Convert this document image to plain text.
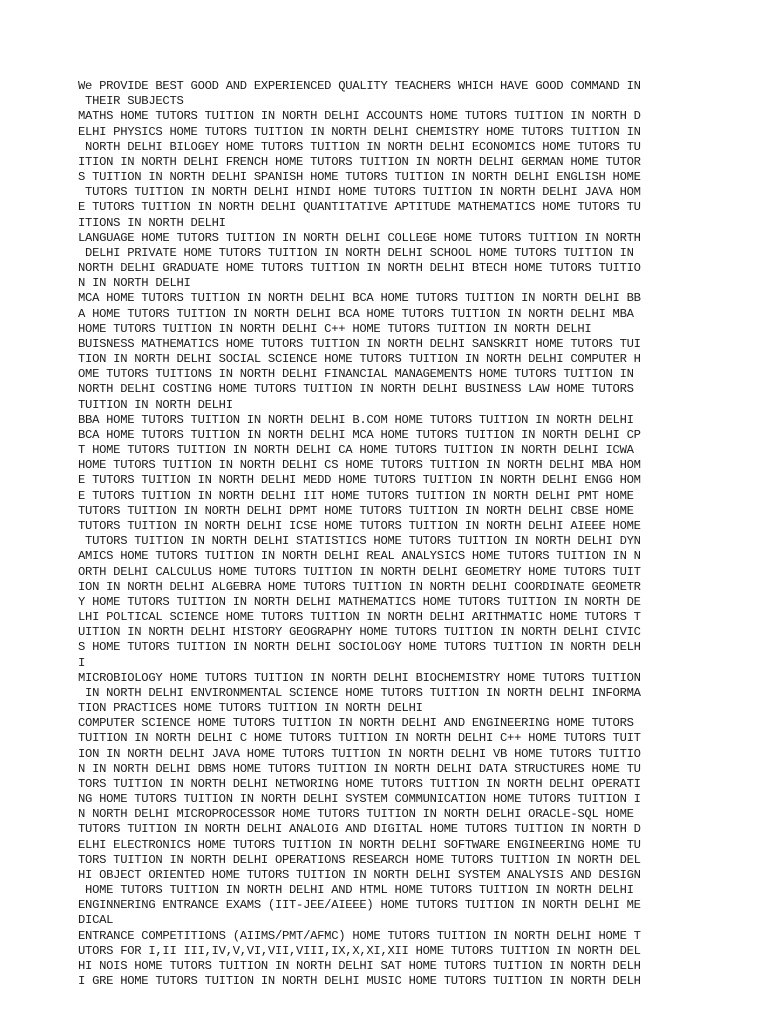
We PROVIDE BEST GOOD AND EXPERIENCED QUALITY TEACHERS WHICH HAVE GOOD COMMAND IN
THEIR SUBJECTS
MATHS HOME TUTORS TUITION IN NORTH DELHI ACCOUNTS HOME TUTORS TUITION IN NORTH D
ELHI PHYSICS HOME TUTORS TUITION IN NORTH DELHI CHEMISTRY HOME TUTORS TUITION IN
NORTH DELHI BILOGEY HOME TUTORS TUITION IN NORTH DELHI ECONOMICS HOME TUTORS TU
ITION IN NORTH DELHI FRENCH HOME TUTORS TUITION IN NORTH DELHI GERMAN HOME TUTOR
S TUITION IN NORTH DELHI SPANISH HOME TUTORS TUITION IN NORTH DELHI ENGLISH HOME
TUTORS TUITION IN NORTH DELHI HINDI HOME TUTORS TUITION IN NORTH DELHI JAVA HOM
E TUTORS TUITION IN NORTH DELHI QUANTITATIVE APTITUDE MATHEMATICS HOME TUTORS TU
ITIONS IN NORTH DELHI
LANGUAGE HOME TUTORS TUITION IN NORTH DELHI COLLEGE HOME TUTORS TUITION IN NORTH
DELHI PRIVATE HOME TUTORS TUITION IN NORTH DELHI SCHOOL HOME TUTORS TUITION IN
NORTH DELHI GRADUATE HOME TUTORS TUITION IN NORTH DELHI BTECH HOME TUTORS TUITIO
N IN NORTH DELHI
MCA HOME TUTORS TUITION IN NORTH DELHI BCA HOME TUTORS TUITION IN NORTH DELHI BB
A HOME TUTORS TUITION IN NORTH DELHI BCA HOME TUTORS TUITION IN NORTH DELHI MBA
HOME TUTORS TUITION IN NORTH DELHI C++ HOME TUTORS TUITION IN NORTH DELHI
BUISNESS MATHEMATICS HOME TUTORS TUITION IN NORTH DELHI SANSKRIT HOME TUTORS TUI
TION IN NORTH DELHI SOCIAL SCIENCE HOME TUTORS TUITION IN NORTH DELHI COMPUTER H
OME TUTORS TUITIONS IN NORTH DELHI FINANCIAL MANAGEMENTS HOME TUTORS TUITION IN
NORTH DELHI COSTING HOME TUTORS TUITION IN NORTH DELHI BUSINESS LAW HOME TUTORS
TUITION IN NORTH DELHI
BBA HOME TUTORS TUITION IN NORTH DELHI B.COM HOME TUTORS TUITION IN NORTH DELHI
BCA HOME TUTORS TUITION IN NORTH DELHI MCA HOME TUTORS TUITION IN NORTH DELHI CP
T HOME TUTORS TUITION IN NORTH DELHI CA HOME TUTORS TUITION IN NORTH DELHI ICWA
HOME TUTORS TUITION IN NORTH DELHI CS HOME TUTORS TUITION IN NORTH DELHI MBA HOM
E TUTORS TUITION IN NORTH DELHI MEDD HOME TUTORS TUITION IN NORTH DELHI ENGG HOM
E TUTORS TUITION IN NORTH DELHI IIT HOME TUTORS TUITION IN NORTH DELHI PMT HOME
TUTORS TUITION IN NORTH DELHI DPMT HOME TUTORS TUITION IN NORTH DELHI CBSE HOME
TUTORS TUITION IN NORTH DELHI ICSE HOME TUTORS TUITION IN NORTH DELHI AIEEE HOME
TUTORS TUITION IN NORTH DELHI STATISTICS HOME TUTORS TUITION IN NORTH DELHI DYN
AMICS HOME TUTORS TUITION IN NORTH DELHI REAL ANALYSICS HOME TUTORS TUITION IN N
ORTH DELHI CALCULUS HOME TUTORS TUITION IN NORTH DELHI GEOMETRY HOME TUTORS TUIT
ION IN NORTH DELHI ALGEBRA HOME TUTORS TUITION IN NORTH DELHI COORDINATE GEOMETR
Y HOME TUTORS TUITION IN NORTH DELHI MATHEMATICS HOME TUTORS TUITION IN NORTH DE
LHI POLTICAL SCIENCE HOME TUTORS TUITION IN NORTH DELHI ARITHMATIC HOME TUTORS T
UITION IN NORTH DELHI HISTORY GEOGRAPHY HOME TUTORS TUITION IN NORTH DELHI CIVIC
S HOME TUTORS TUITION IN NORTH DELHI SOCIOLOGY HOME TUTORS TUITION IN NORTH DELH
I
MICROBIOLOGY HOME TUTORS TUITION IN NORTH DELHI BIOCHEMISTRY HOME TUTORS TUITION
IN NORTH DELHI ENVIRONMENTAL SCIENCE HOME TUTORS TUITION IN NORTH DELHI INFORMA
TION PRACTICES HOME TUTORS TUITION IN NORTH DELHI
COMPUTER SCIENCE HOME TUTORS TUITION IN NORTH DELHI AND ENGINEERING HOME TUTORS
TUITION IN NORTH DELHI C HOME TUTORS TUITION IN NORTH DELHI C++ HOME TUTORS TUIT
ION IN NORTH DELHI JAVA HOME TUTORS TUITION IN NORTH DELHI VB HOME TUTORS TUITIO
N IN NORTH DELHI DBMS HOME TUTORS TUITION IN NORTH DELHI DATA STRUCTURES HOME TU
TORS TUITION IN NORTH DELHI NETWORING HOME TUTORS TUITION IN NORTH DELHI OPERATI
NG HOME TUTORS TUITION IN NORTH DELHI SYSTEM COMMUNICATION HOME TUTORS TUITION I
N NORTH DELHI MICROPROCESSOR HOME TUTORS TUITION IN NORTH DELHI ORACLE-SQL HOME
TUTORS TUITION IN NORTH DELHI ANALOIG AND DIGITAL HOME TUTORS TUITION IN NORTH D
ELHI ELECTRONICS HOME TUTORS TUITION IN NORTH DELHI SOFTWARE ENGINEERING HOME TU
TORS TUITION IN NORTH DELHI OPERATIONS RESEARCH HOME TUTORS TUITION IN NORTH DEL
HI OBJECT ORIENTED HOME TUTORS TUITION IN NORTH DELHI SYSTEM ANALYSIS AND DESIGN
HOME TUTORS TUITION IN NORTH DELHI AND HTML HOME TUTORS TUITION IN NORTH DELHI
ENGINNERING ENTRANCE EXAMS (IIT-JEE/AIEEE) HOME TUTORS TUITION IN NORTH DELHI ME
DICAL
ENTRANCE COMPETITIONS (AIIMS/PMT/AFMC) HOME TUTORS TUITION IN NORTH DELHI HOME T
UTORS FOR I,II III,IV,V,VI,VII,VIII,IX,X,XI,XII HOME TUTORS TUITION IN NORTH DEL
HI NOIS HOME TUTORS TUITION IN NORTH DELHI SAT HOME TUTORS TUITION IN NORTH DELH
I GRE HOME TUTORS TUITION IN NORTH DELHI MUSIC HOME TUTORS TUITION IN NORTH DELH
